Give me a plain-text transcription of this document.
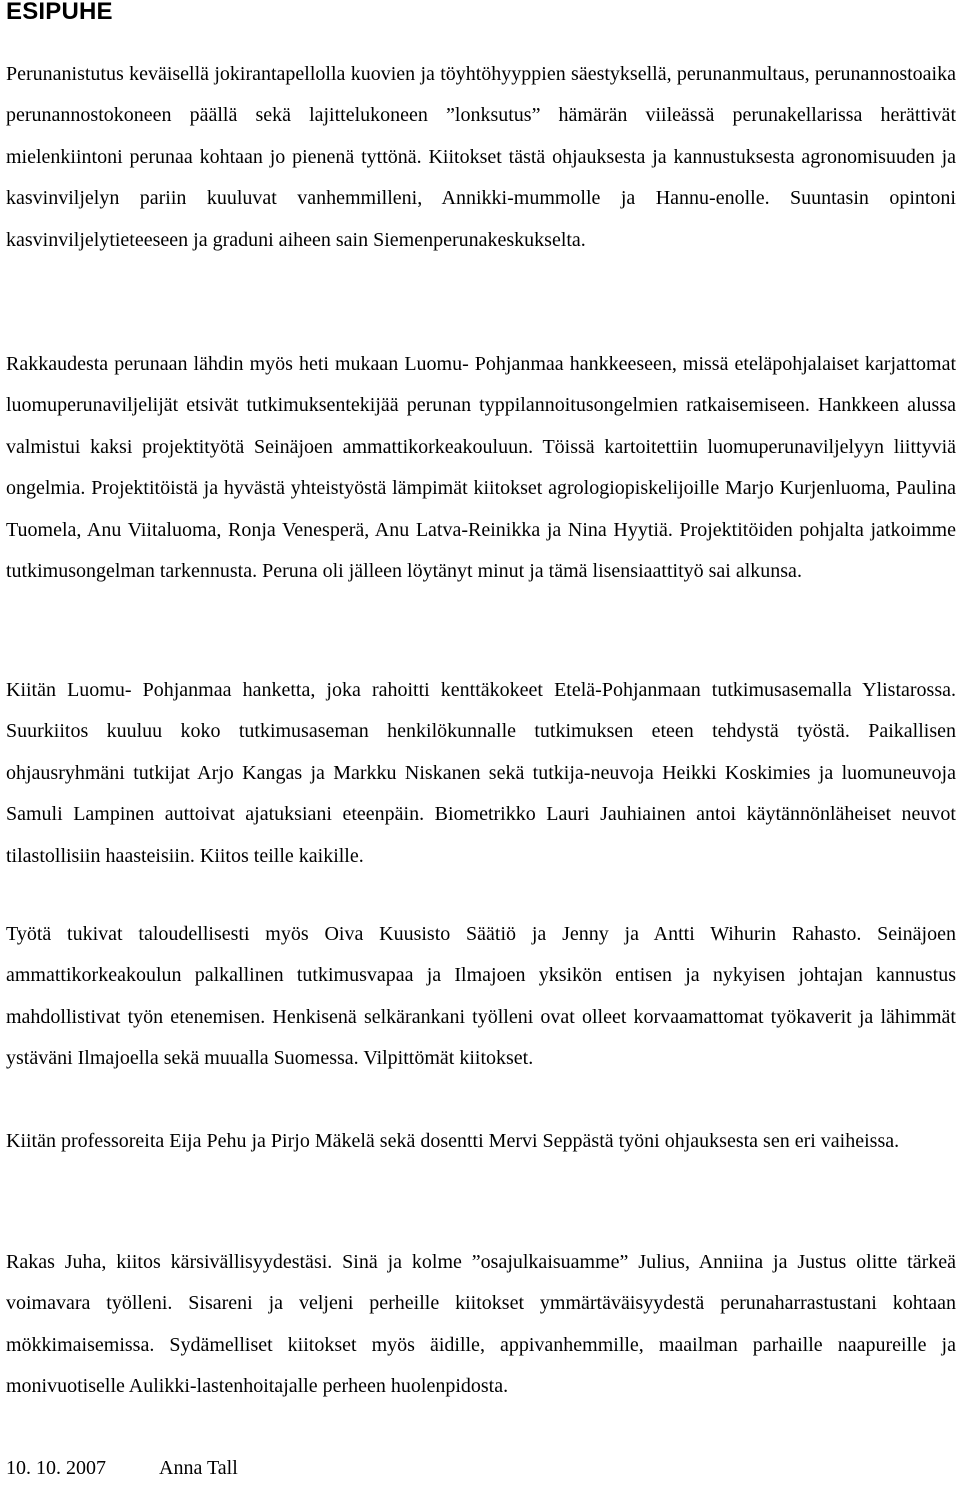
ESIPUHE

Perunanistutus keväisellä jokirantapellolla kuovien ja töyhtöhyyppien säestyksellä, perunanmultaus, perunannostoaika perunannostokoneen päällä sekä lajittelukoneen ”lonksutus” hämärän viileässä perunakellarissa herättivät mielenkiintoni perunaa kohtaan jo pienenä tyttönä. Kiitokset tästä ohjauksesta ja kannustuksesta agronomisuuden ja kasvinviljelyn pariin kuuluvat vanhemmilleni, Annikki-mummolle ja Hannu-enolle. Suuntasin opintoni kasvinviljelytieteeseen ja graduni aiheen sain Siemenperunakeskukselta.

Rakkaudesta perunaan lähdin myös heti mukaan Luomu- Pohjanmaa hankkeeseen, missä eteläpohjalaiset karjattomat luomuperunaviljelijät etsivät tutkimuksentekijää perunan typpilannoitusongelmien ratkaisemiseen. Hankkeen alussa valmistui kaksi projektityötä Seinäjoen ammattikorkeakouluun. Töissä kartoitettiin luomuperunaviljelyyn liittyviä ongelmia. Projektitöistä ja hyvästä yhteistyöstä lämpimät kiitokset agrologiopiskelijoille Marjo Kurjenluoma, Paulina Tuomela, Anu Viitaluoma, Ronja Venesperä, Anu Latva-Reinikka ja Nina Hyytiä. Projektitöiden pohjalta jatkoimme tutkimusongelman tarkennusta. Peruna oli jälleen löytänyt minut ja tämä lisensiaattityö sai alkunsa.

Kiitän Luomu- Pohjanmaa hanketta, joka rahoitti kenttäkokeet Etelä-Pohjanmaan tutkimusasemalla Ylistarossa. Suurkiitos kuuluu koko tutkimusaseman henkilökunnalle tutkimuksen eteen tehdystä työstä. Paikallisen ohjausryhmäni tutkijat Arjo Kangas ja Markku Niskanen sekä tutkija-neuvoja Heikki Koskimies ja luomuneuvoja Samuli Lampinen auttoivat ajatuksiani eteenpäin. Biometrikko Lauri Jauhiainen antoi käytännönläheiset neuvot tilastollisiin haasteisiin. Kiitos teille kaikille.

Työtä tukivat taloudellisesti myös Oiva Kuusisto Säätiö ja Jenny ja Antti Wihurin Rahasto. Seinäjoen ammattikorkeakoulun palkallinen tutkimusvapaa ja Ilmajoen yksikön entisen ja nykyisen johtajan kannustus mahdollistivat työn etenemisen. Henkisenä selkärankani työlleni ovat olleet korvaamattomat työkaverit ja lähimmät ystäväni Ilmajoella sekä muualla Suomessa. Vilpittömät kiitokset.

Kiitän professoreita Eija Pehu ja Pirjo Mäkelä sekä dosentti Mervi Seppästä työni ohjauksesta sen eri vaiheissa.

Rakas Juha, kiitos kärsivällisyydestäsi. Sinä ja kolme ”osajulkaisuamme” Julius, Anniina ja Justus olitte tärkeä voimavara työlleni. Sisareni ja veljeni perheille kiitokset ymmärtäväisyydestä perunaharrastustani kohtaan mökkimaisemissa. Sydämelliset kiitokset myös äidille, appivanhemmille, maailman parhaille naapureille ja monivuotiselle Aulikki-lastenhoitajalle perheen huolenpidosta.

10. 10. 2007	Anna Tall
